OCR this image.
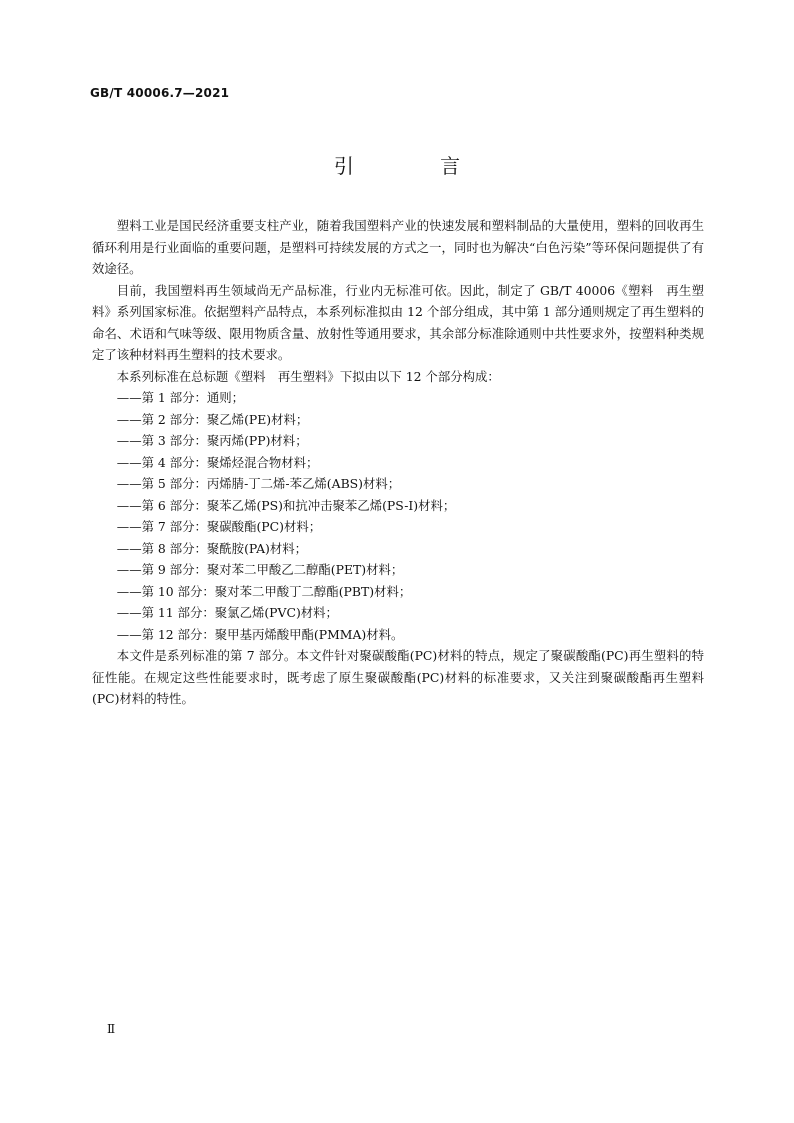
GB/T 40006.7—2021
引 言

塑料工业是国民经济重要支柱产业，随着我国塑料产业的快速发展和塑料制品的大量使用，塑料的回收再生循环利用是行业面临的重要问题，是塑料可持续发展的方式之一，同时也为解决“白色污染”等环保问题提供了有效途径。

目前，我国塑料再生领域尚无产品标准，行业内无标准可依。因此，制定了 GB/T 40006《塑料　再生塑料》系列国家标准。依据塑料产品特点，本系列标准拟由 12 个部分组成，其中第 1 部分通则规定了再生塑料的命名、术语和气味等级、限用物质含量、放射性等通用要求，其余部分标准除通则中共性要求外，按塑料种类规定了该种材料再生塑料的技术要求。

本系列标准在总标题《塑料　再生塑料》下拟由以下 12 个部分构成：

——第 1 部分：通则；
——第 2 部分：聚乙烯(PE)材料；
——第 3 部分：聚丙烯(PP)材料；
——第 4 部分：聚烯烃混合物材料；
——第 5 部分：丙烯腈-丁二烯-苯乙烯(ABS)材料；
——第 6 部分：聚苯乙烯(PS)和抗冲击聚苯乙烯(PS-I)材料；
——第 7 部分：聚碳酸酯(PC)材料；
——第 8 部分：聚酰胺(PA)材料；
——第 9 部分：聚对苯二甲酸乙二醇酯(PET)材料；
——第 10 部分：聚对苯二甲酸丁二醇酯(PBT)材料；
——第 11 部分：聚氯乙烯(PVC)材料；
——第 12 部分：聚甲基丙烯酸甲酯(PMMA)材料。

本文件是系列标准的第 7 部分。本文件针对聚碳酸酯(PC)材料的特点，规定了聚碳酸酯(PC)再生塑料的特征性能。在规定这些性能要求时，既考虑了原生聚碳酸酯(PC)材料的标准要求，又关注到聚碳酸酯再生塑料(PC)材料的特性。

Ⅱ
